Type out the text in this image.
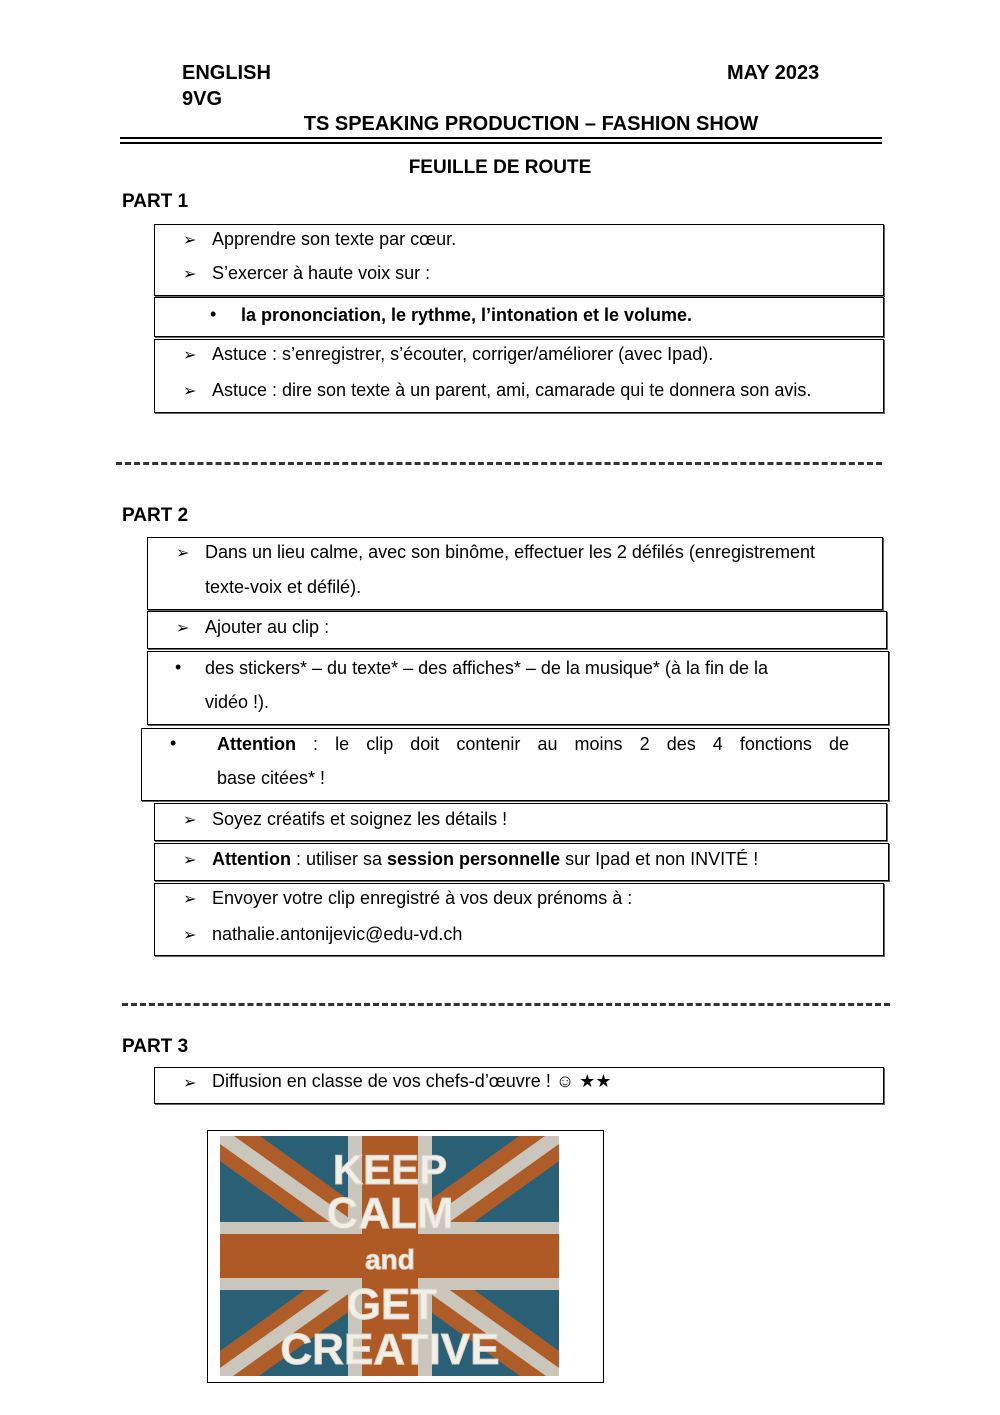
ENGLISH
9VG
MAY 2023
TS SPEAKING PRODUCTION – FASHION SHOW
FEUILLE DE ROUTE
PART 1
➢ Apprendre son texte par cœur.
➢ S’exercer à haute voix sur :
• la prononciation, le rythme, l’intonation et le volume.
➢ Astuce : s’enregistrer, s’écouter, corriger/améliorer (avec Ipad).
➢ Astuce : dire son texte à un parent, ami, camarade qui te donnera son avis.
PART 2
➢ Dans un lieu calme, avec son binôme, effectuer les 2 défilés (enregistrement
texte-voix et défilé).
➢ Ajouter au clip :
• des stickers* – du texte* – des affiches* – de la musique* (à la fin de la
vidéo !).
• Attention : le clip doit contenir au moins 2 des 4 fonctions de
base citées* !
➢ Soyez créatifs et soignez les détails !
➢ Attention : utiliser sa session personnelle sur Ipad et non INVITÉ !
➢ Envoyer votre clip enregistré à vos deux prénoms à :
➢ nathalie.antonijevic@edu-vd.ch
PART 3
➢ Diffusion en classe de vos chefs-d’œuvre ! ☺ ★★
KEEP
CALM
and
GET
CREATIVE
